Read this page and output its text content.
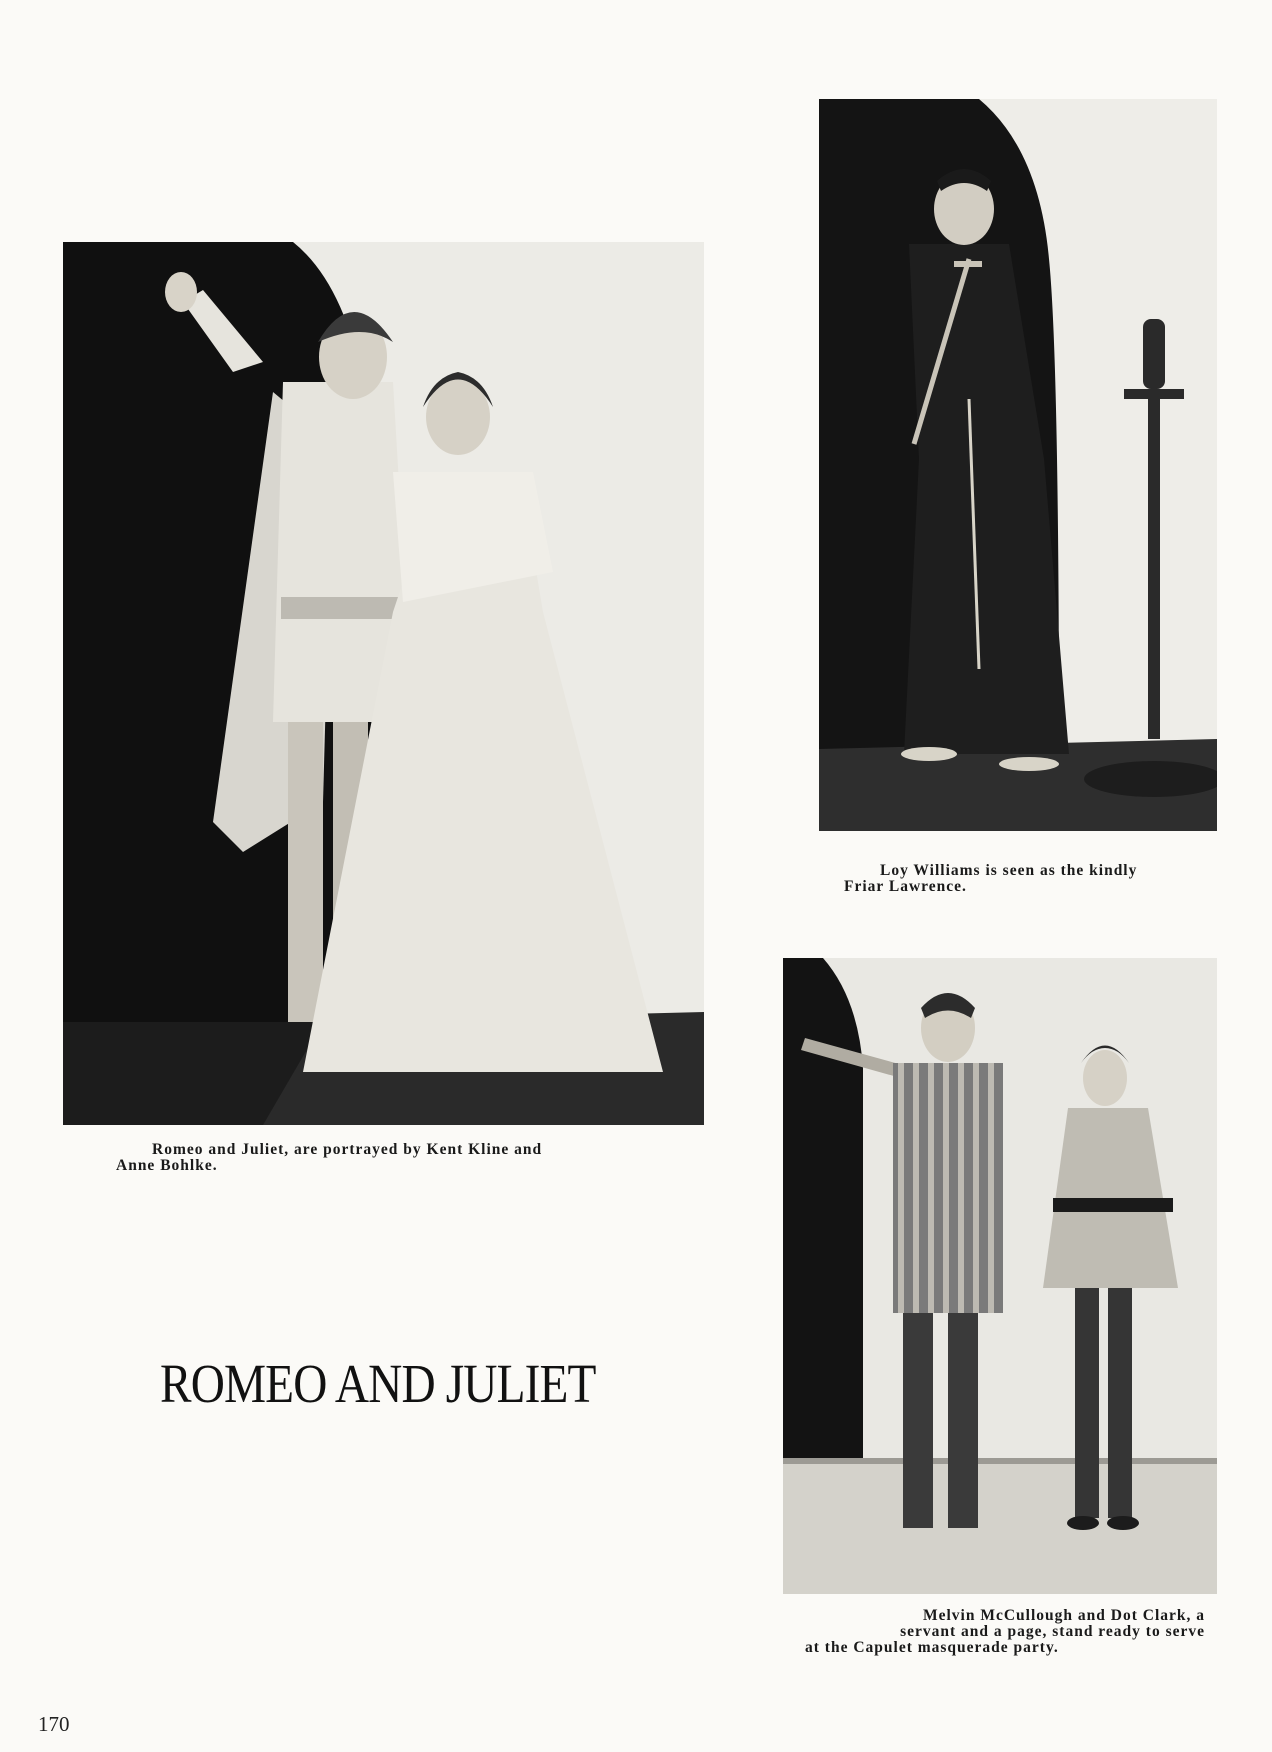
Romeo and Juliet, are portrayed by Kent Kline and
Anne Bohlke.
Loy Williams is seen as the kindly
Friar Lawrence.
Melvin McCullough and Dot Clark, a
servant and a page, stand ready to serve
at the Capulet masquerade party.
ROMEO AND JULIET
170
